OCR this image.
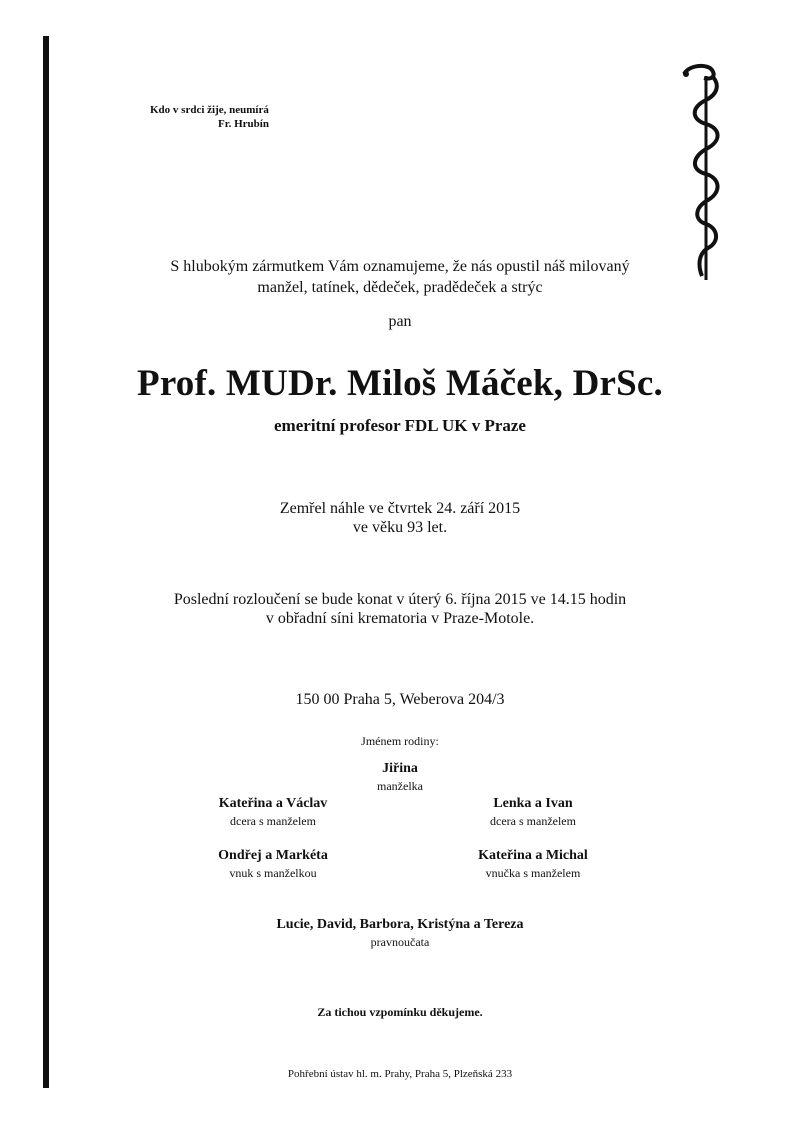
Kdo v srdci žije, neumírá
Fr. Hrubín
S hlubokým zármutkem Vám oznamujeme, že nás opustil náš milovaný
manžel, tatínek, dědeček, pradědeček a strýc
pan
Prof. MUDr. Miloš Máček, DrSc.
emeritní profesor FDL UK v Praze
Zemřel náhle ve čtvrtek 24. září 2015
ve věku 93 let.
Poslední rozloučení se bude konat v úterý 6. října 2015 ve 14.15 hodin
v obřadní síni krematoria v Praze-Motole.
150 00 Praha 5, Weberova 204/3
Jménem rodiny:
Jiřina
manželka
Kateřina a Václav
dcera s manželem
Lenka a Ivan
dcera s manželem
Ondřej a Markéta
vnuk s manželkou
Kateřina a Michal
vnučka s manželem
Lucie, David, Barbora, Kristýna a Tereza
pravnoučata
Za tichou vzpomínku děkujeme.
Pohřební ústav hl. m. Prahy, Praha 5, Plzeňská 233
